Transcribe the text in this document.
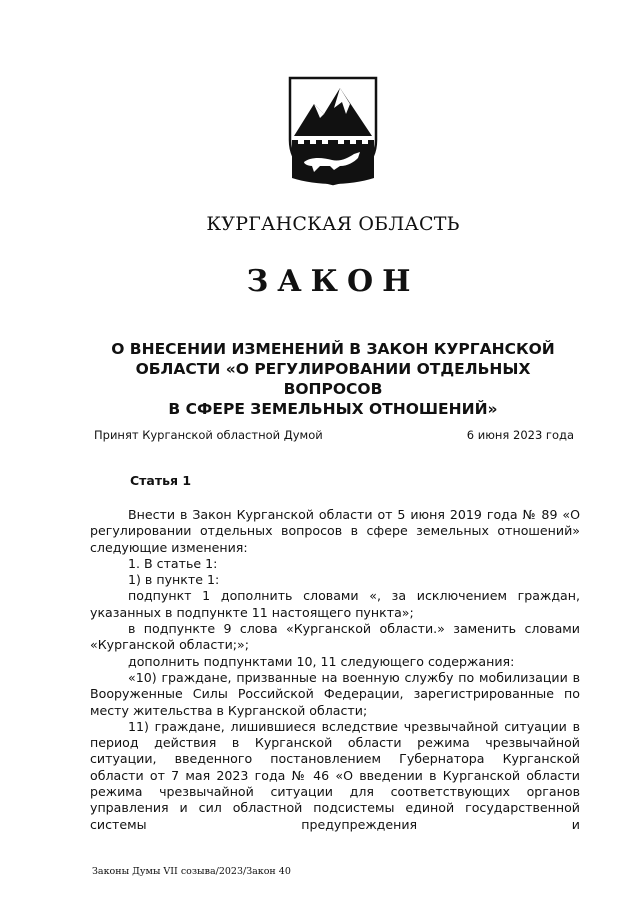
КУРГАНСКАЯ ОБЛАСТЬ
ЗАКОН
О ВНЕСЕНИИ ИЗМЕНЕНИЙ В ЗАКОН КУРГАНСКОЙ
ОБЛАСТИ «О РЕГУЛИРОВАНИИ ОТДЕЛЬНЫХ ВОПРОСОВ
В СФЕРЕ ЗЕМЕЛЬНЫХ ОТНОШЕНИЙ»
Принят Курганской областной Думой	6 июня 2023 года
Статья 1

Внести в Закон Курганской области от 5 июня 2019 года № 89 «О регулировании отдельных вопросов в сфере земельных отношений» следующие изменения:

1. В статье 1:

1) в пункте 1:

подпункт 1 дополнить словами «, за исключением граждан, указанных в подпункте 11 настоящего пункта»;

в подпункте 9 слова «Курганской области.» заменить словами «Курганской области;»;

дополнить подпунктами 10, 11 следующего содержания:

«10) граждане, призванные на военную службу по мобилизации в Вооруженные Силы Российской Федерации, зарегистрированные по месту жительства в Курганской области;

11) граждане, лишившиеся вследствие чрезвычайной ситуации в период действия в Курганской области режима чрезвычайной ситуации, введенного постановлением Губернатора Курганской области от 7 мая 2023 года № 46 «О введении в Курганской области режима чрезвычайной ситуации для соответствующих органов управления и сил областной подсистемы единой государственной системы предупреждения и

Законы Думы VII созыва/2023/Закон 40
